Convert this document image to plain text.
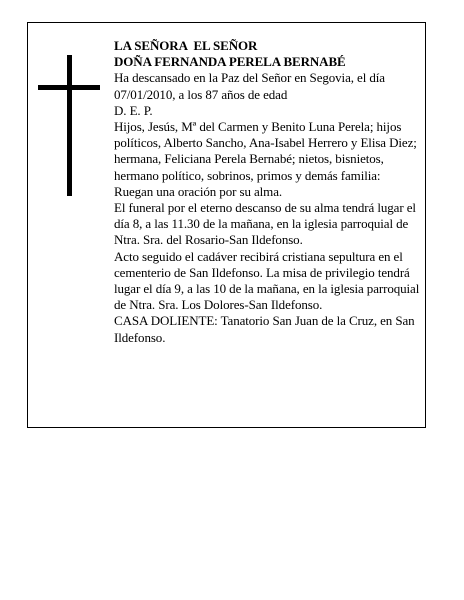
LA SEÑORA  EL SEÑOR

DOÑA FERNANDA PERELA BERNABÉ

Ha descansado en la Paz del Señor en Segovia, el día 07/01/2010, a los 87 años de edad

D. E. P.

Hijos, Jesús, Mª del Carmen y Benito Luna Perela; hijos políticos, Alberto Sancho, Ana-Isabel Herrero y Elisa Diez; hermana, Feliciana Perela Bernabé; nietos, bisnietos, hermano político, sobrinos, primos y demás familia:

Ruegan una oración por su alma.

El funeral por el eterno descanso de su alma tendrá lugar el día 8, a las 11.30 de la mañana, en la iglesia parroquial de Ntra. Sra. del Rosario-San Ildefonso.

Acto seguido el cadáver recibirá cristiana sepultura en el cementerio de San Ildefonso. La misa de privilegio tendrá lugar el día 9, a las 10 de la mañana, en la iglesia parroquial de Ntra. Sra. Los Dolores-San Ildefonso.

CASA DOLIENTE: Tanatorio San Juan de la Cruz, en San Ildefonso.
